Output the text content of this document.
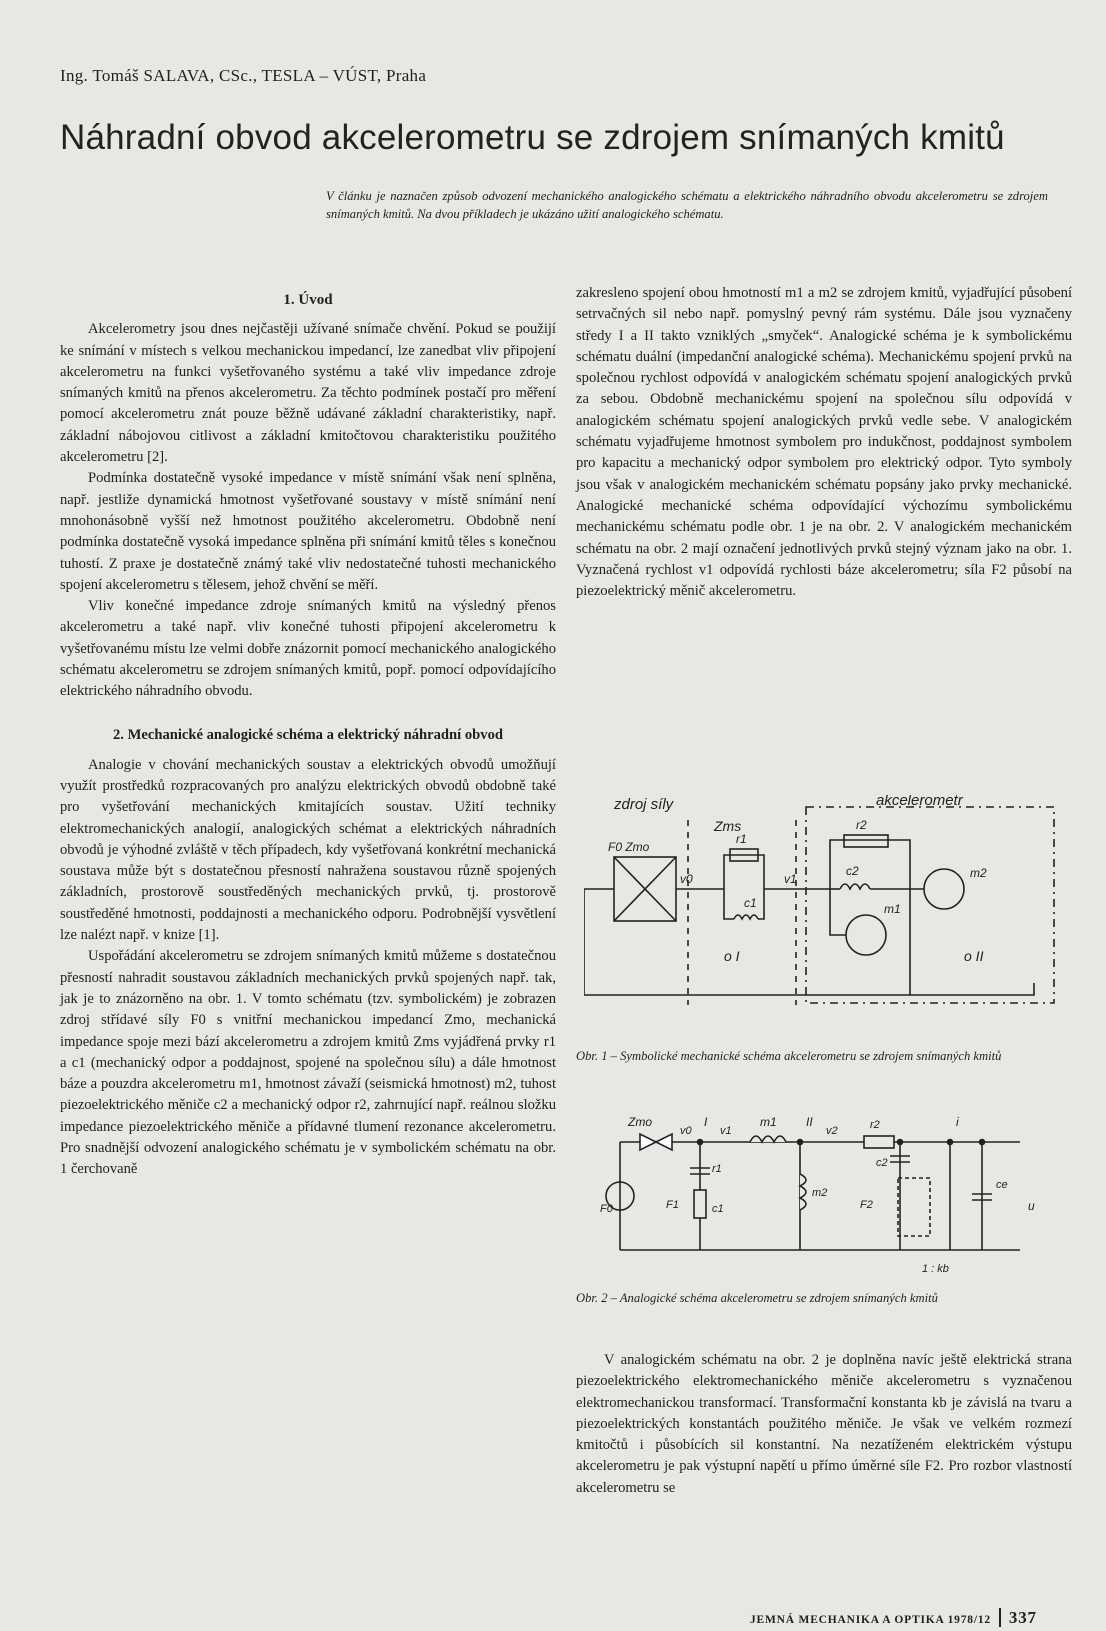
Ing. Tomáš SALAVA, CSc., TESLA – VÚST, Praha
Náhradní obvod akcelerometru se zdrojem snímaných kmitů
V článku je naznačen způsob odvození mechanického analogického schématu a elektrického náhradního obvodu akcelerometru se zdrojem snímaných kmitů. Na dvou příkladech je ukázáno užití analogického schématu.
1. Úvod

Akcelerometry jsou dnes nejčastěji užívané snímače chvění. Pokud se použijí ke snímání v místech s velkou mechanickou impedancí, lze zanedbat vliv připojení akcelerometru na funkci vyšetřovaného systému a také vliv impedance zdroje snímaných kmitů na přenos akcelerometru. Za těchto podmínek postačí pro měření pomocí akcelerometru znát pouze běžně udávané základní charakteristiky, např. základní nábojovou citlivost a základní kmitočtovou charakteristiku použitého akcelerometru [2].

Podmínka dostatečně vysoké impedance v místě snímání však není splněna, např. jestliže dynamická hmotnost vyšetřované soustavy v místě snímání není mnohonásobně vyšší než hmotnost použitého akcelerometru. Obdobně není podmínka dostatečně vysoká impedance splněna při snímání kmitů těles s konečnou tuhostí. Z praxe je dostatečně známý také vliv nedostatečné tuhosti mechanického spojení akcelerometru s tělesem, jehož chvění se měří.

Vliv konečné impedance zdroje snímaných kmitů na výsledný přenos akcelerometru a také např. vliv konečné tuhosti připojení akcelerometru k vyšetřovanému místu lze velmi dobře znázornit pomocí mechanického analogického schématu akcelerometru se zdrojem snímaných kmitů, popř. pomocí odpovídajícího elektrického náhradního obvodu.

2. Mechanické analogické schéma a elektrický náhradní obvod

Analogie v chování mechanických soustav a elektrických obvodů umožňují využít prostředků rozpracovaných pro analýzu elektrických obvodů obdobně také pro vyšetřování mechanických kmitajících soustav. Užití techniky elektromechanických analogií, analogických schémat a elektrických náhradních obvodů je výhodné zvláště v těch případech, kdy vyšetřovaná konkrétní mechanická soustava může být s dostatečnou přesností nahražena soustavou různě spojených základních, prostorově soustředěných mechanických prvků, tj. prostorově soustředěné hmotnosti, poddajnosti a mechanického odporu. Podrobnější vysvětlení lze nalézt např. v knize [1].

Uspořádání akcelerometru se zdrojem snímaných kmitů můžeme s dostatečnou přesností nahradit soustavou základních mechanických prvků spojených např. tak, jak je to znázorněno na obr. 1. V tomto schématu (tzv. symbolickém) je zobrazen zdroj střídavé síly F0 s vnitřní mechanickou impedancí Zmo, mechanická impedance spoje mezi bází akcelerometru a zdrojem kmitů Zms vyjádřená prvky r1 a c1 (mechanický odpor a poddajnost, spojené na společnou sílu) a dále hmotnost báze a pouzdra akcelerometru m1, hmotnost závaží (seismická hmotnost) m2, tuhost piezoelektrického měniče c2 a mechanický odpor r2, zahrnující např. reálnou složku impedance piezoelektrického měniče a přídavné tlumení rezonance akcelerometru. Pro snadnější odvození analogického schématu je v symbolickém schématu na obr. 1 čerchovaně

zakresleno spojení obou hmotností m1 a m2 se zdrojem kmitů, vyjadřující působení setrvačných sil nebo např. pomyslný pevný rám systému. Dále jsou vyznačeny středy I a II takto vzniklých „smyček“. Analogické schéma je k symbolickému schématu duální (impedanční analogické schéma). Mechanickému spojení prvků na společnou rychlost odpovídá v analogickém schématu spojení analogických prvků za sebou. Obdobně mechanickému spojení na společnou sílu odpovídá v analogickém schématu spojení analogických prvků vedle sebe. V analogickém schématu vyjadřujeme hmotnost symbolem pro indukčnost, poddajnost symbolem pro kapacitu a mechanický odpor symbolem pro elektrický odpor. Tyto symboly jsou však v analogickém mechanickém schématu popsány jako prvky mechanické. Analogické mechanické schéma odpovídající výchozímu symbolickému mechanickému schématu podle obr. 1 je na obr. 2. V analogickém mechanickém schématu na obr. 2 mají označení jednotlivých prvků stejný význam jako na obr. 1. Vyznačená rychlost v1 odpovídá rychlosti báze akcelerometru; síla F2 působí na piezoelektrický měnič akcelerometru.

zdroj síly	akcelerometr
Zms
F0 Zmo
v0	v1
r1
c1
r2
c2
m1
m2
o I	o II
Obr. 1 – Symbolické mechanické schéma akcelerometru se zdrojem snímaných kmitů
Zmo
v0
I
v1
m1 II
v2	r2
r1
c1
F1
m2
c2
F2
F0
i
ce
u
1 : kb
Obr. 2 – Analogické schéma akcelerometru se zdrojem snímaných kmitů

V analogickém schématu na obr. 2 je doplněna navíc ještě elektrická strana piezoelektrického elektromechanického měniče akcelerometru s vyznačenou elektromechanickou transformací. Transformační konstanta kb je závislá na tvaru a piezoelektrických konstantách použitého měniče. Je však ve velkém rozmezí kmitočtů i působících sil konstantní. Na nezatíženém elektrickém výstupu akcelerometru je pak výstupní napětí u přímo úměrné síle F2. Pro rozbor vlastností akcelerometru se

JEMNÁ MECHANIKA A OPTIKA 1978/12 337
